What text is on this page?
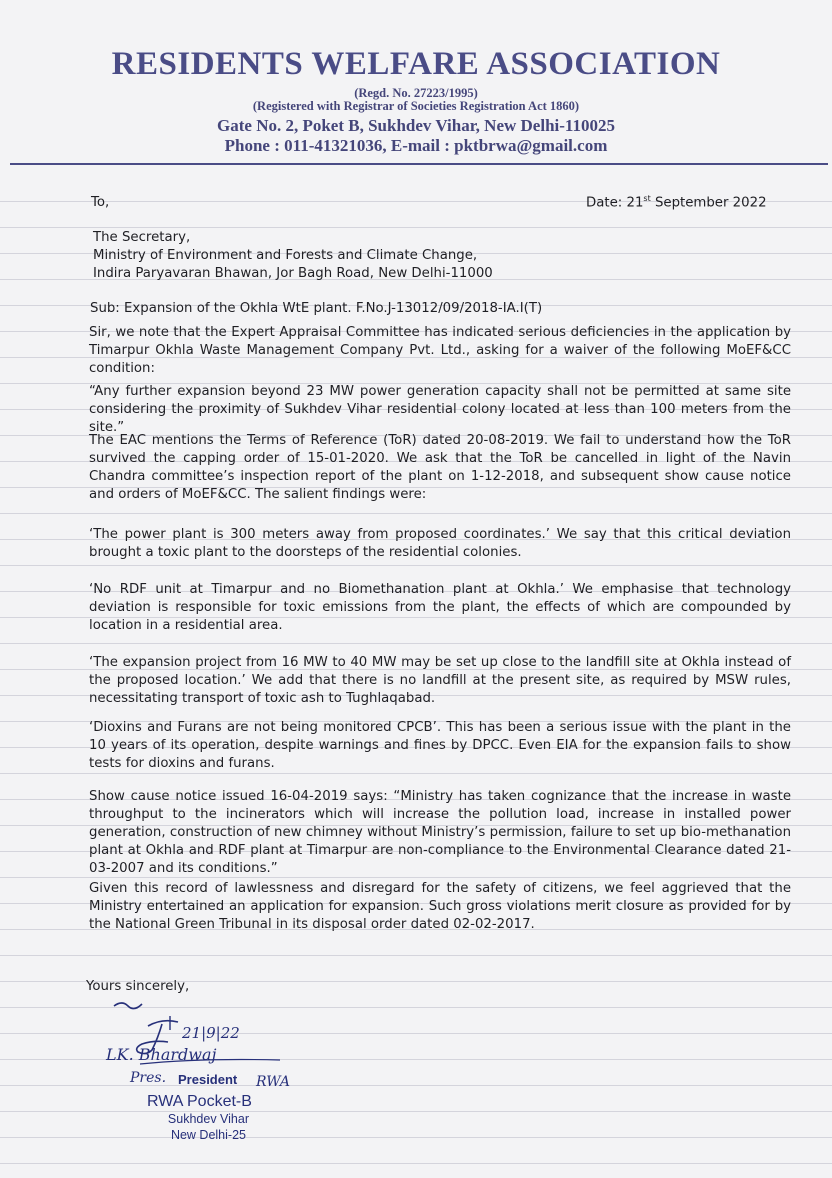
RESIDENTS WELFARE ASSOCIATION
(Regd. No. 27223/1995)
(Registered with Registrar of Societies Registration Act 1860)
Gate No. 2, Poket B, Sukhdev Vihar, New Delhi-110025
Phone : 011-41321036, E-mail : pktbrwa@gmail.com
To,	Date: 21st September 2022
The Secretary,
Ministry of Environment and Forests and Climate Change,
Indira Paryavaran Bhawan, Jor Bagh Road, New Delhi-11000
Sub: Expansion of the Okhla WtE plant. F.No.J-13012/09/2018-IA.I(T)

Sir, we note that the Expert Appraisal Committee has indicated serious deficiencies in the application by Timarpur Okhla Waste Management Company Pvt. Ltd., asking for a waiver of the following MoEF&CC condition:

“Any further expansion beyond 23 MW power generation capacity shall not be permitted at same site considering the proximity of Sukhdev Vihar residential colony located at less than 100 meters from the site.”

The EAC mentions the Terms of Reference (ToR) dated 20-08-2019. We fail to understand how the ToR survived the capping order of 15-01-2020. We ask that the ToR be cancelled in light of the Navin Chandra committee’s inspection report of the plant on 1-12-2018, and subsequent show cause notice and orders of MoEF&CC. The salient findings were:

‘The power plant is 300 meters away from proposed coordinates.’ We say that this critical deviation brought a toxic plant to the doorsteps of the residential colonies.

‘No RDF unit at Timarpur and no Biomethanation plant at Okhla.’ We emphasise that technology deviation is responsible for toxic emissions from the plant, the effects of which are compounded by location in a residential area.

‘The expansion project from 16 MW to 40 MW may be set up close to the landfill site at Okhla instead of the proposed location.’ We add that there is no landfill at the present site, as required by MSW rules, necessitating transport of toxic ash to Tughlaqabad.

‘Dioxins and Furans are not being monitored CPCB’. This has been a serious issue with the plant in the 10 years of its operation, despite warnings and fines by DPCC. Even EIA for the expansion fails to show tests for dioxins and furans.

Show cause notice issued 16-04-2019 says: “Ministry has taken cognizance that the increase in waste throughput to the incinerators which will increase the pollution load, increase in installed power generation, construction of new chimney without Ministry’s permission, failure to set up bio-methanation plant at Okhla and RDF plant at Timarpur are non-compliance to the Environmental Clearance dated 21-03-2007 and its conditions.”

Given this record of lawlessness and disregard for the safety of citizens, we feel aggrieved that the Ministry entertained an application for expansion. Such gross violations merit closure as provided for by the National Green Tribunal in its disposal order dated 02-02-2017.

Yours sincerely,
21|9|22
LK. Bhardwaj
Pres.	RWA
President
RWA Pocket-B
Sukhdev Vihar
New Delhi-25
